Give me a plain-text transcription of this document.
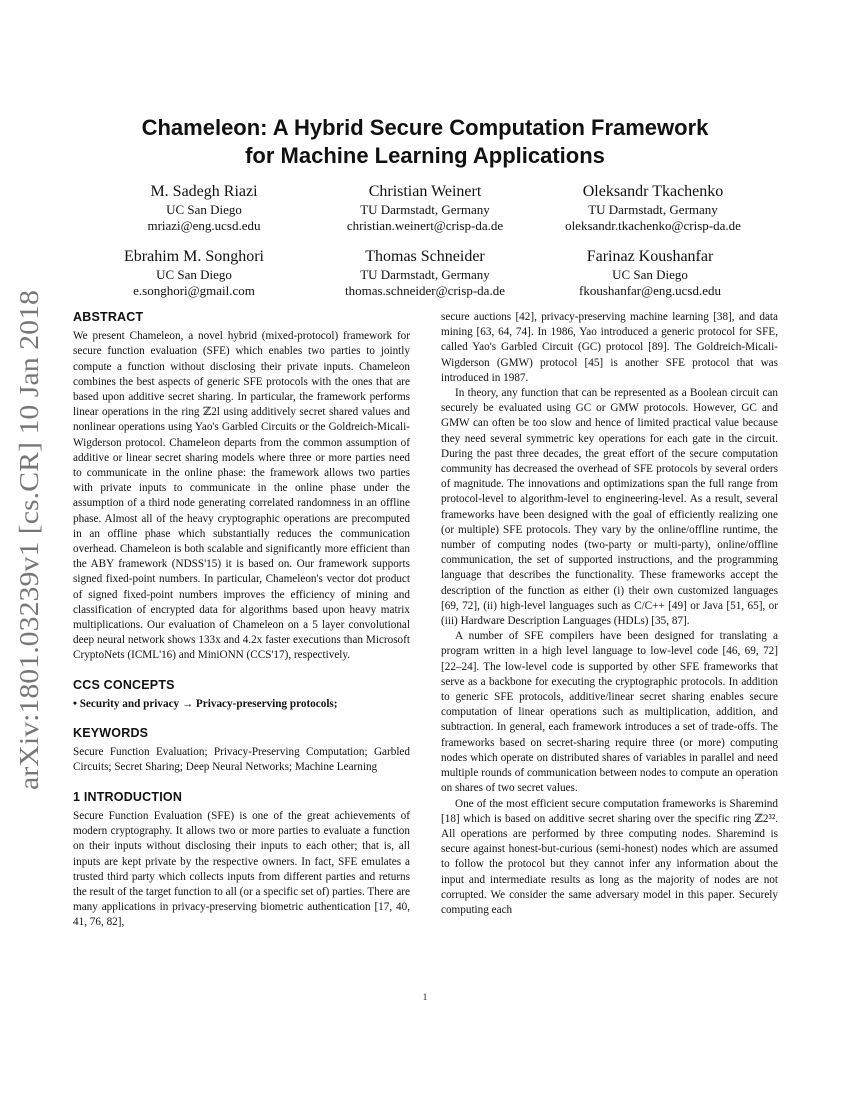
arXiv:1801.03239v1 [cs.CR] 10 Jan 2018
Chameleon: A Hybrid Secure Computation Framework
for Machine Learning Applications
M. Sadegh Riazi
UC San Diego
mriazi@eng.ucsd.edu
Christian Weinert
TU Darmstadt, Germany
christian.weinert@crisp-da.de
Oleksandr Tkachenko
TU Darmstadt, Germany
oleksandr.tkachenko@crisp-da.de
Ebrahim M. Songhori
UC San Diego
e.songhori@gmail.com
Thomas Schneider
TU Darmstadt, Germany
thomas.schneider@crisp-da.de
Farinaz Koushanfar
UC San Diego
fkoushanfar@eng.ucsd.edu
ABSTRACT

We present Chameleon, a novel hybrid (mixed-protocol) framework for secure function evaluation (SFE) which enables two parties to jointly compute a function without disclosing their private inputs. Chameleon combines the best aspects of generic SFE protocols with the ones that are based upon additive secret sharing. In particular, the framework performs linear operations in the ring ℤ2l using additively secret shared values and nonlinear operations using Yao's Garbled Circuits or the Goldreich-Micali-Wigderson protocol. Chameleon departs from the common assumption of additive or linear secret sharing models where three or more parties need to communicate in the online phase: the framework allows two parties with private inputs to communicate in the online phase under the assumption of a third node generating correlated randomness in an offline phase. Almost all of the heavy cryptographic operations are precomputed in an offline phase which substantially reduces the communication overhead. Chameleon is both scalable and significantly more efficient than the ABY framework (NDSS'15) it is based on. Our framework supports signed fixed-point numbers. In particular, Chameleon's vector dot product of signed fixed-point numbers improves the efficiency of mining and classification of encrypted data for algorithms based upon heavy matrix multiplications. Our evaluation of Chameleon on a 5 layer convolutional deep neural network shows 133x and 4.2x faster executions than Microsoft CryptoNets (ICML'16) and MiniONN (CCS'17), respectively.

CCS CONCEPTS

• Security and privacy → Privacy-preserving protocols;

KEYWORDS

Secure Function Evaluation; Privacy-Preserving Computation; Garbled Circuits; Secret Sharing; Deep Neural Networks; Machine Learning

1 INTRODUCTION

Secure Function Evaluation (SFE) is one of the great achievements of modern cryptography. It allows two or more parties to evaluate a function on their inputs without disclosing their inputs to each other; that is, all inputs are kept private by the respective owners. In fact, SFE emulates a trusted third party which collects inputs from different parties and returns the result of the target function to all (or a specific set of) parties. There are many applications in privacy-preserving biometric authentication [17, 40, 41, 76, 82],

secure auctions [42], privacy-preserving machine learning [38], and data mining [63, 64, 74]. In 1986, Yao introduced a generic protocol for SFE, called Yao's Garbled Circuit (GC) protocol [89]. The Goldreich-Micali-Wigderson (GMW) protocol [45] is another SFE protocol that was introduced in 1987.

In theory, any function that can be represented as a Boolean circuit can securely be evaluated using GC or GMW protocols. However, GC and GMW can often be too slow and hence of limited practical value because they need several symmetric key operations for each gate in the circuit. During the past three decades, the great effort of the secure computation community has decreased the overhead of SFE protocols by several orders of magnitude. The innovations and optimizations span the full range from protocol-level to algorithm-level to engineering-level. As a result, several frameworks have been designed with the goal of efficiently realizing one (or multiple) SFE protocols. They vary by the online/offline runtime, the number of computing nodes (two-party or multi-party), online/offline communication, the set of supported instructions, and the programming language that describes the functionality. These frameworks accept the description of the function as either (i) their own customized languages [69, 72], (ii) high-level languages such as C/C++ [49] or Java [51, 65], or (iii) Hardware Description Languages (HDLs) [35, 87].

A number of SFE compilers have been designed for translating a program written in a high level language to low-level code [46, 69, 72][22–24]. The low-level code is supported by other SFE frameworks that serve as a backbone for executing the cryptographic protocols. In addition to generic SFE protocols, additive/linear secret sharing enables secure computation of linear operations such as multiplication, addition, and subtraction. In general, each framework introduces a set of trade-offs. The frameworks based on secret-sharing require three (or more) computing nodes which operate on distributed shares of variables in parallel and need multiple rounds of communication between nodes to compute an operation on shares of two secret values.

One of the most efficient secure computation frameworks is Sharemind [18] which is based on additive secret sharing over the specific ring ℤ2³². All operations are performed by three computing nodes. Sharemind is secure against honest-but-curious (semi-honest) nodes which are assumed to follow the protocol but they cannot infer any information about the input and intermediate results as long as the majority of nodes are not corrupted. We consider the same adversary model in this paper. Securely computing each

1
